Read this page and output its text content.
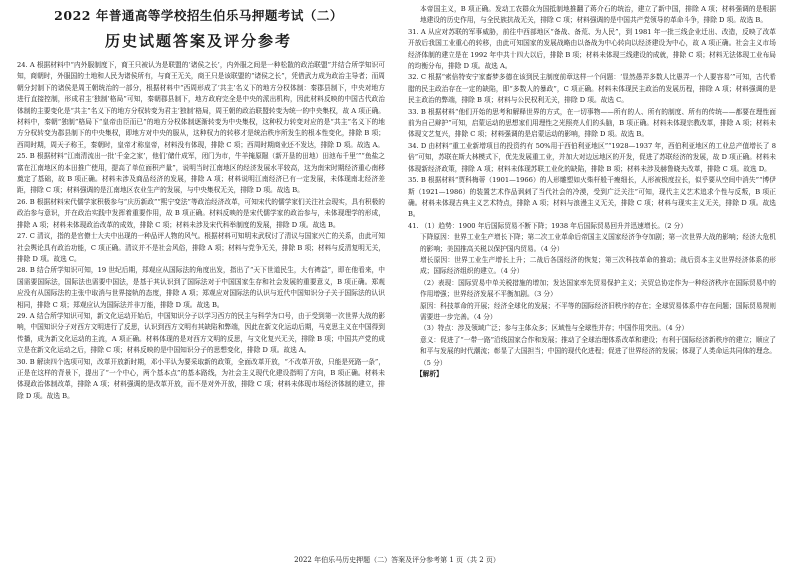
2022 年普通高等学校招生伯乐马押题考试（二）
历史试题答案及评分参考

24. A 根据材料中“内外服制度下，商王只被认为是联盟的‘诸侯之长’，内外服之间是一种松散的政治联盟”并结合所学知识可知，商朝时，外服国的土地和人民为诸侯所有，与商王无关，商王只是该联盟的“诸侯之长”，凭借武力成为政治主导者；而周朝分封制下的诸侯是周王朝统治的一部分，根据材料中“西周形成了‘共主’名义下的地方分权体制：秦郡县制下，中央对地方进行直接控制，形成君主‘独制’格局”可知，秦朝郡县制下，地方政府完全是中央的派出机构，因此材料反映的中国古代政治体制的主要变化是“共主”名义下的地方分权转变为君主‘独制’格局，周王朝的政治联盟转变为统一的中央集权，故 A 项正确。材料中，秦朝“独制”格局下“皇帝由臣而已”的地方分权体制逐渐转变为中央集权，这种权力转变对应的是“共主”名义下的地方分权转变为郡县制下的中央集权，即地方对中央的服从，这种权力的转移才是统治秩序所发生的根本性变化，排除 B 项；西周时期，周天子称王，秦朝时，皇帝才称皇帝，材料没有体现，排除 C 项；西周时期商业还不发达，排除 D 项。故选 A。

25. B 根据材料“江南清流出一批‘千金之家’，他们‘储什成军，闭门为市，牛羊掩原隰（新开垦的田地）田池布千里’”“鱼盐之富在江南地区的本田推广使用，提高了单位面积产量”，说明当时江南地区的经济发展水平较高，这为南宋时期经济重心南移奠定了基础，故 B 项正确。材料未涉及商品经济的发展，排除 A 项；材料说明江南经济已有一定发展，未体现南北经济差距，排除 C 项；材料强调的是江南地区农业生产的发展，与中央集权无关，排除 D 项。故选 B。

26. B 根据材料宋代儒学家积极参与“庆历新政”“熙宁变法”等政治经济改革，可知宋代的儒学家们关注社会现实，具有积极的政治参与意识，并在政治实践中发挥着重要作用，故 B 项正确。材料反映的是宋代儒学家的政治参与，未体现理学的形成，排除 A 项；材料未体现政治改革的成效，排除 C 项；材料未涉及宋代科举制度的发展，排除 D 项。故选 B。

27. C 清议，指的是官僚士大夫中出现的一种品评人物的风气。根据材料可知明末武权讨了清议与国家兴亡的关系，由此可知社会舆论具有政治功能，C 项正确。清议并不是社会风俗，排除 A 项；材料与党争无关，排除 B 项；材料与反清复明无关，排除 D 项。故选 C。

28. B 结合所学知识可知，19 世纪后期，郑观应从国际法的角度出发，指出了“天下世道民生，大有裨益”，即在他看来，中国需要国际法，国际法也需要中国法，是基于其认识到了国际法对于中国国家生存和社会发展的重要意义，B 项正确。郑观应没有从国际法的主张中取消与世界接轨的态度，排除 A 项；郑观应对国际法的认识与近代中国知识分子关于国际法的认识相同，排除 C 项；郑观应认为国际法并非万能，排除 D 项。故选 B。

29. A 结合所学知识可知，新文化运动开始后，中国知识分子以学习西方的民主与科学为口号，由于受到第一次世界大战的影响，中国知识分子对西方文明进行了反思，认识到西方文明有其缺陷和弊端，因此在新文化运动后期，马克思主义在中国得到传播，成为新文化运动的主流，A 项正确。材料体现的是对西方文明的反思，与文化复兴无关，排除 B 项；中国共产党的成立是在新文化运动之后，排除 C 项；材料反映的是中国知识分子的思想变化，排除 D 项。故选 A。

30. B 解读四个选项可知，改革开放新时期，邓小平认为要采取新的政策，全面改革开放，“不改革开放，只能是死路一条”，正是在这样的背景下，提出了“一个中心，两个基本点”的基本路线，为社会主义现代化建设指明了方向，B 项正确。材料未体现政治体制改革，排除 A 项；材料强调的是改革开放，而不是对外开放，排除 C 项；材料未体现市场经济体制的建立，排除 D 项。故选 B。

本帝国主义，B 项正确。发动工农群众为国抵制地推翻了蒋介石的统治，建立了新中国，排除 A 项；材料强调的是根据地建设的历史作用，与全民族抗战无关，排除 C 项；材料强调的是中国共产党领导的革命斗争，排除 D 项。故选 B。

31. A 从应对苏联的军事威胁，前往中西部地区“备战、备荒、为人民”，到 1981 年一批三线企业迁出、改造，反映了改革开放后我国工业重心的转移，由此可知国家的发展战略由以备战为中心转向以经济建设为中心，故 A 项正确。社会主义市场经济体制的建立是在 1992 年中共十四大以后，排除 B 项；材料未体现三线建设的成就，排除 C 项；材料无法体现工业布局的均衡分布，排除 D 项。故选 A。

32. C 根据“索倍特安宁家畜梦多德在该到民主制度前章这样一个问题：‘显然愚弄多数人比愚弄一个人要容易’”可知，古代希腊的民主政治存在一定的缺陷，即“多数人的暴政”，C 项正确。材料未体现民主政治的发展历程，排除 A 项；材料强调的是民主政治的弊端，排除 B 项；材料与公民权利无关，排除 D 项。故选 C。

33. B 根据材料“他们开始的思考和解释世界的方式，在一切事物——所有的人、所有的制度、所有的传统——都要在理性面前为自己辩护”可知，启蒙运动的思想家们用理性之光照亮人们的头脑，B 项正确。材料未体现宗教改革，排除 A 项；材料未体现文艺复兴，排除 C 项；材料强调的是启蒙运动的影响，排除 D 项。故选 B。

34. D 由材料“重工业新增项目的投资约有 50%用于西伯利亚地区”“1928—1937 年，西伯利亚地区的工业总产值增长了 8 倍”可知，苏联在斯大林模式下，优先发展重工业，并加大对边远地区的开发，促进了苏联经济的发展，故 D 项正确。材料未体现新经济政策，排除 A 项；材料未体现苏联工业化的缺陷，排除 B 项；材料未涉及赫鲁晓夫改革，排除 C 项。故选 D。

35. B 根据材料“贾科梅蒂（1901—1966）的人形雕塑如火柴杆般干瘦细长，人形被极度拉长，似乎要从空间中消失”“博伊斯（1921—1986）的装置艺术作品讽刺了当代社会的冷漠，受到广泛关注”可知，现代主义艺术追求个性与反叛，B 项正确。材料未体现古典主义艺术特点，排除 A 项；材料与浪漫主义无关，排除 C 项；材料与现实主义无关，排除 D 项。故选 B。

41. （1）趋势：1900 年后国际贸易不断下降；1938 年后国际贸易回升并迅速增长。（2 分）

下降原因：世界工业生产增长下降；第二次工业革命后帝国主义国家经济争夺加剧；第一次世界大战的影响；经济大危机的影响；美国推高关税以保护国内贸易。（4 分）

增长原因：世界工业生产增长上升；二战后各国经济的恢复；第三次科技革命的推动；战后资本主义世界经济体系的形成；国际经济组织的建立。（4 分）

（2）表现：国际贸易中单关税措施的增加；发达国家率先贸易保护主义；关贸总协定作为一种经济秩序在国际贸易中的作用增强；世界经济发展不平衡加剧。（3 分）

原因：科技革命的开展；经济全球化的发展；不平等的国际经济旧秩序的存在；全球贸易体系中存在问题；国际贸易规则需要进一步完善。（4 分）

（3）特点：涉及领域广泛；参与主体众多；区域性与全球性并存；中国作用突出。（4 分）

意义：促进了“一带一路”沿线国家合作和发展；推动了全球治理体系改革和建设；有利于国际经济新秩序的建立；顺应了和平与发展的时代潮流；彰显了大国担当；中国的现代化进程；促进了世界经济的发展；体现了人类命运共同体的理念。（5 分）

【解析】

2022 年伯乐马历史押题（二）答案及评分参考第 1 页（共 2 页）
